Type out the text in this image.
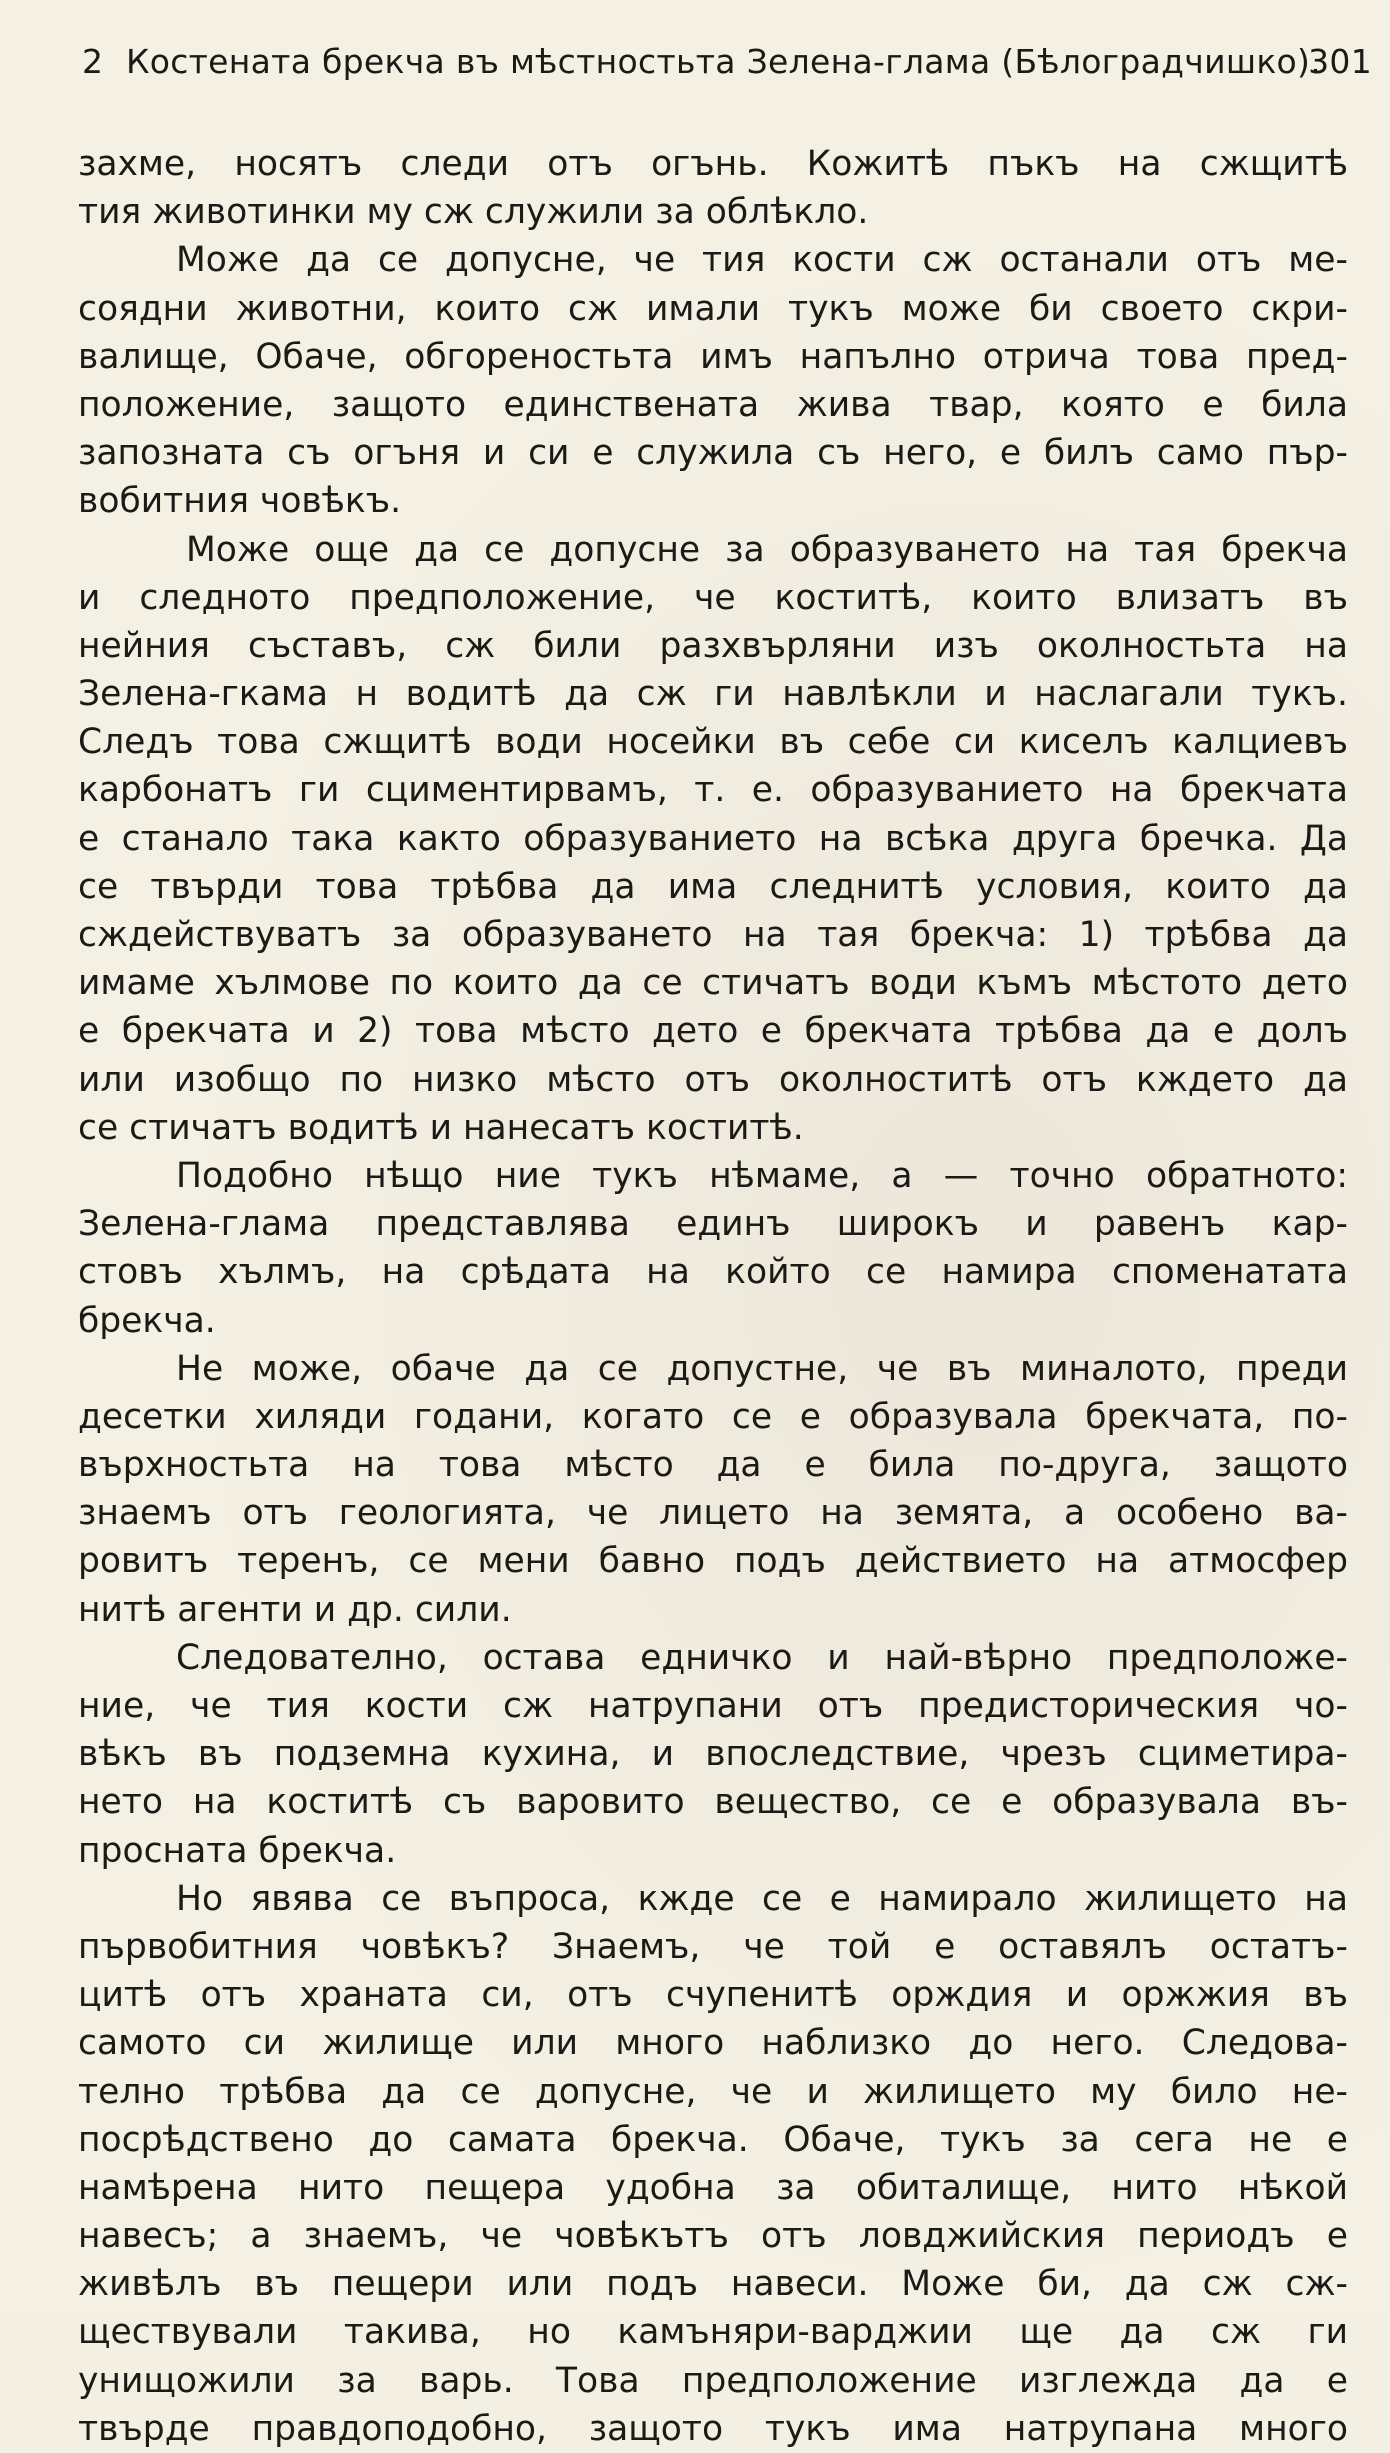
2 Костената брекча въ мѣстностьта Зелена-глама (Бѣлоградчишко).
301
захме, носятъ следи отъ огънь. Кожитѣ пъкъ на сжщитѣ
тия животинки му сж служили за облѣкло.
Може да се допусне, че тия кости сж останали отъ ме-
соядни животни, които сж имали тукъ може би своето скри-
валище, Обаче, обгореностьта имъ напълно отрича това пред-
положение, защото единствената жива твар, която е била
запозната съ огъня и си е служила съ него, е билъ само пър-
вобитния човѣкъ.
Може още да се допусне за образуването на тая брекча
и следното предположение, че коститѣ, които влизатъ въ
нейния съставъ, сж били разхвърляни изъ околностьта на
Зелена-гкама н водитѣ да сж ги навлѣкли и наслагали тукъ.
Следъ това сжщитѣ води носейки въ себе си киселъ калциевъ
карбонатъ ги сциментирвамъ, т. е. образуванието на брекчата
е станало така както образуванието на всѣка друга бречка. Да
се твърди това трѣбва да има следнитѣ условия, които да
сждействуватъ за образуването на тая брекча: 1) трѣбва да
имаме хълмове по които да се стичатъ води къмъ мѣстото дето
е брекчата и 2) това мѣсто дето е брекчата трѣбва да е долъ
или изобщо по низко мѣсто отъ околноститѣ отъ кждето да
се стичатъ водитѣ и нанесатъ коститѣ.
Подобно нѣщо ние тукъ нѣмаме, а — точно обратното:
Зелена-глама представлява единъ широкъ и равенъ кар-
стовъ хълмъ, на срѣдата на който се намира споменатата
брекча.
Не може, обаче да се допустне, че въ миналото, преди
десетки хиляди годани, когато се е образувала брекчата, по-
върхностьта на това мѣсто да е била по-друга, защото
знаемъ отъ геологията, че лицето на земята, а особено ва-
ровитъ теренъ, се мени бавно подъ действието на атмосфер
нитѣ агенти и др. сили.
Следователно, остава едничко и най-вѣрно предположе-
ние, че тия кости сж натрупани отъ предисторическия чо-
вѣкъ въ подземна кухина, и впоследствие, чрезъ сциметира-
нето на коститѣ съ варовито вещество, се е образувала въ-
просната брекча.
Но явява се въпроса, кжде се е намирало жилището на
първобитния човѣкъ? Знаемъ, че той е оставялъ остатъ-
цитѣ отъ храната си, отъ счупенитѣ орждия и оржжия въ
самото си жилище или много наблизко до него. Следова-
телно трѣбва да се допусне, че и жилището му било не-
посрѣдствено до самата брекча. Обаче, тукъ за сега не е
намѣрена нито пещера удобна за обиталище, нито нѣкой
навесъ; а знаемъ, че човѣкътъ отъ ловджийския периодъ е
живѣлъ въ пещери или подъ навеси. Може би, да сж сж-
ществували такива, но камъняри-варджии ще да сж ги
унищожили за варь. Това предположение изглежда да е
твърде правдоподобно, защото тукъ има натрупана много
